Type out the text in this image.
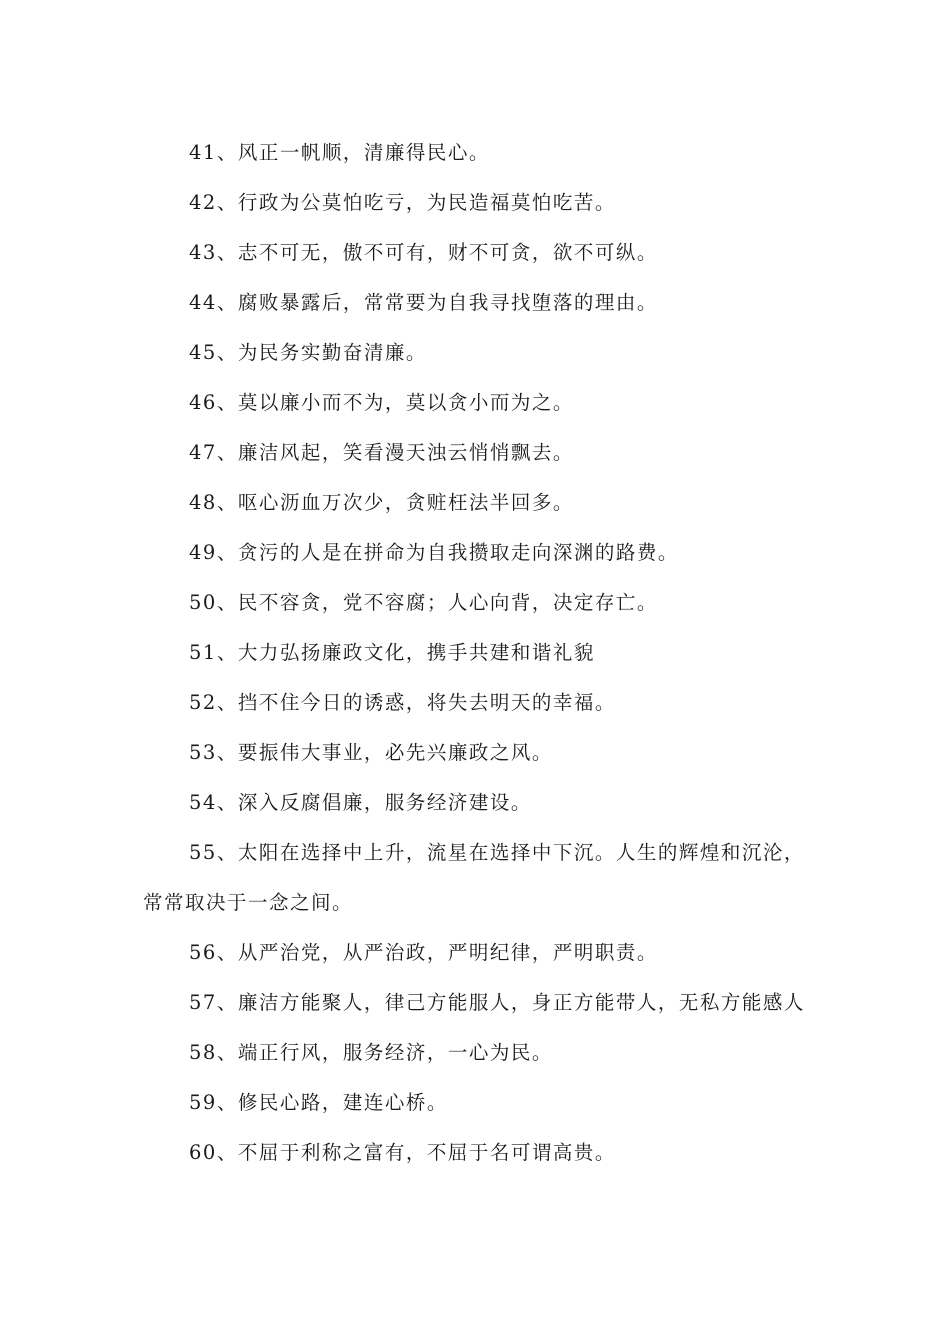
41、风正一帆顺，清廉得民心。

42、行政为公莫怕吃亏，为民造福莫怕吃苦。

43、志不可无，傲不可有，财不可贪，欲不可纵。

44、腐败暴露后，常常要为自我寻找堕落的理由。

45、为民务实勤奋清廉。

46、莫以廉小而不为，莫以贪小而为之。

47、廉洁风起，笑看漫天浊云悄悄飘去。

48、呕心沥血万次少，贪赃枉法半回多。

49、贪污的人是在拼命为自我攒取走向深渊的路费。

50、民不容贪，党不容腐；人心向背，决定存亡。

51、大力弘扬廉政文化，携手共建和谐礼貌

52、挡不住今日的诱惑，将失去明天的幸福。

53、要振伟大事业，必先兴廉政之风。

54、深入反腐倡廉，服务经济建设。

55、太阳在选择中上升，流星在选择中下沉。人生的辉煌和沉沦，常常取决于一念之间。

56、从严治党，从严治政，严明纪律，严明职责。

57、廉洁方能聚人，律己方能服人，身正方能带人，无私方能感人

58、端正行风，服务经济，一心为民。

59、修民心路，建连心桥。

60、不屈于利称之富有，不屈于名可谓高贵。
